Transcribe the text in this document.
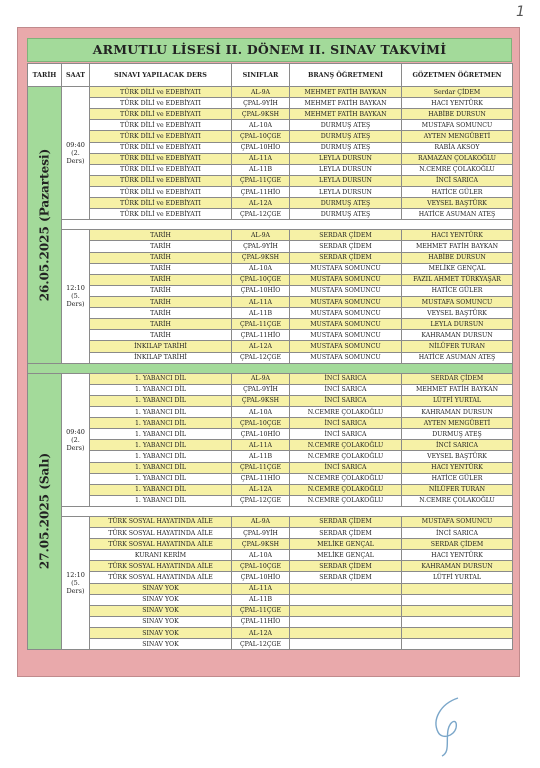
1
ARMUTLU LİSESİ II. DÖNEM II. SINAV TAKVİMİ
TARİH	SAAT	SINAVI YAPILACAK DERS	SINIFLAR	BRANŞ ÖĞRETMENİ	GÖZETMEN ÖĞRETMEN

26.05.2025 (Pazartesi)	09:40 (2. Ders)	TÜRK DİLİ ve EDEBİYATI	AL-9A	MEHMET FATİH BAYKAN	Serdar ÇİDEM
		TÜRK DİLİ ve EDEBİYATI	ÇPAL-9YİH	MEHMET FATİH BAYKAN	HACI YENTÜRK
		TÜRK DİLİ ve EDEBİYATI	ÇPAL-9KSH	MEHMET FATİH BAYKAN	HABİBE DURSUN
		TÜRK DİLİ ve EDEBİYATI	AL-10A	DURMUŞ ATEŞ	MUSTAFA SOMUNCU
		TÜRK DİLİ ve EDEBİYATI	ÇPAL-10ÇGE	DURMUŞ ATEŞ	AYTEN MENGÜBETİ
		TÜRK DİLİ ve EDEBİYATI	ÇPAL-10HİO	DURMUŞ ATEŞ	RABİA AKSOY
		TÜRK DİLİ ve EDEBİYATI	AL-11A	LEYLA DURSUN	RAMAZAN ÇOLAKOĞLU
		TÜRK DİLİ ve EDEBİYATI	AL-11B	LEYLA DURSUN	N.CEMRE ÇOLAKOĞLU
		TÜRK DİLİ ve EDEBİYATI	ÇPAL-11ÇGE	LEYLA DURSUN	İNCİ SARICA
		TÜRK DİLİ ve EDEBİYATI	ÇPAL-11HİO	LEYLA DURSUN	HATİCE GÜLER
		TÜRK DİLİ ve EDEBİYATI	AL-12A	DURMUŞ ATEŞ	VEYSEL BAŞTÜRK
		TÜRK DİLİ ve EDEBİYATI	ÇPAL-12ÇGE	DURMUŞ ATEŞ	HATİCE ASUMAN ATEŞ

	12:10 (5. Ders)	TARİH	AL-9A	SERDAR ÇİDEM	HACI YENTÜRK
		TARİH	ÇPAL-9YİH	SERDAR ÇİDEM	MEHMET FATİH BAYKAN
		TARİH	ÇPAL-9KSH	SERDAR ÇİDEM	HABİBE DURSUN
		TARİH	AL-10A	MUSTAFA SOMUNCU	MELİKE GENÇAL
		TARİH	ÇPAL-10ÇGE	MUSTAFA SOMUNCU	FAZIL AHMET TÜRKYAŞAR
		TARİH	ÇPAL-10HİO	MUSTAFA SOMUNCU	HATİCE GÜLER
		TARİH	AL-11A	MUSTAFA SOMUNCU	MUSTAFA SOMUNCU
		TARİH	AL-11B	MUSTAFA SOMUNCU	VEYSEL BAŞTÜRK
		TARİH	ÇPAL-11ÇGE	MUSTAFA SOMUNCU	LEYLA DURSUN
		TARİH	ÇPAL-11HİO	MUSTAFA SOMUNCU	KAHRAMAN DURSUN
		İNKILAP TARİHİ	AL-12A	MUSTAFA SOMUNCU	NİLÜFER TURAN
		İNKILAP TARİHİ	ÇPAL-12ÇGE	MUSTAFA SOMUNCU	HATİCE ASUMAN ATEŞ

27.05.2025 (Salı)	09:40 (2. Ders)	1. YABANCI DİL	AL-9A	İNCİ SARICA	SERDAR ÇİDEM
		1. YABANCI DİL	ÇPAL-9YİH	İNCİ SARICA	MEHMET FATİH BAYKAN
		1. YABANCI DİL	ÇPAL-9KSH	İNCİ SARICA	LÜTFİ YURTAL
		1. YABANCI DİL	AL-10A	N.CEMRE ÇOLAKOĞLU	KAHRAMAN DURSUN
		1. YABANCI DİL	ÇPAL-10ÇGE	İNCİ SARICA	AYTEN MENGÜBETİ
		1. YABANCI DİL	ÇPAL-10HİO	İNCİ SARICA	DURMUŞ ATEŞ
		1. YABANCI DİL	AL-11A	N.CEMRE ÇOLAKOĞLU	İNCİ SARICA
		1. YABANCI DİL	AL-11B	N.CEMRE ÇOLAKOĞLU	VEYSEL BAŞTÜRK
		1. YABANCI DİL	ÇPAL-11ÇGE	İNCİ SARICA	HACI YENTÜRK
		1. YABANCI DİL	ÇPAL-11HİO	N.CEMRE ÇOLAKOĞLU	HATİCE GÜLER
		1. YABANCI DİL	AL-12A	N.CEMRE ÇOLAKOĞLU	NİLÜFER TURAN
		1. YABANCI DİL	ÇPAL-12ÇGE	N.CEMRE ÇOLAKOĞLU	N.CEMRE ÇOLAKOĞLU

	12:10 (5. Ders)	TÜRK SOSYAL HAYATINDA AİLE	AL-9A	SERDAR ÇİDEM	MUSTAFA SOMUNCU
		TÜRK SOSYAL HAYATINDA AİLE	ÇPAL-9YİH	SERDAR ÇİDEM	İNCİ SARICA
		TÜRK SOSYAL HAYATINDA AİLE	ÇPAL-9KSH	MELİKE GENÇAL	SERDAR ÇİDEM
		KURANI KERİM	AL-10A	MELİKE GENÇAL	HACI YENTÜRK
		TÜRK SOSYAL HAYATINDA AİLE	ÇPAL-10ÇGE	SERDAR ÇİDEM	KAHRAMAN DURSUN
		TÜRK SOSYAL HAYATINDA AİLE	ÇPAL-10HİO	SERDAR ÇİDEM	LÜTFİ YURTAL
		SINAV YOK	AL-11A		
		SINAV YOK	AL-11B		
		SINAV YOK	ÇPAL-11ÇGE		
		SINAV YOK	ÇPAL-11HİO		
		SINAV YOK	AL-12A		
		SINAV YOK	ÇPAL-12ÇGE		
